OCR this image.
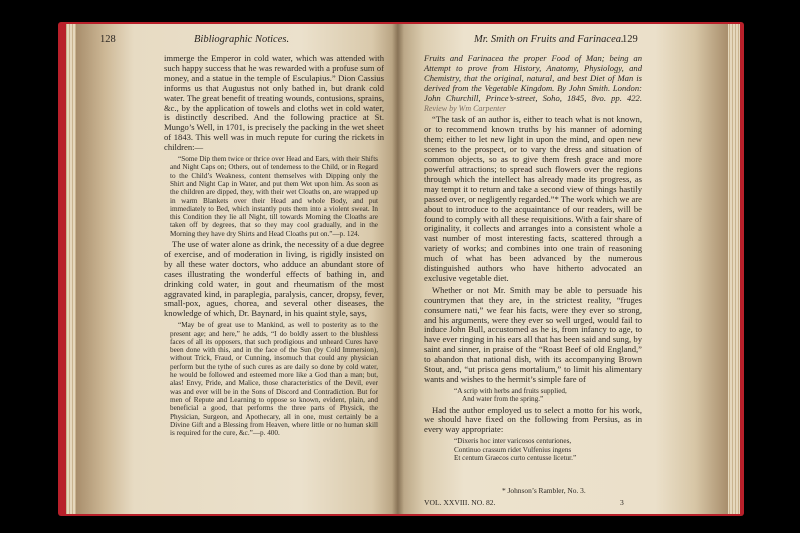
128	Bibliographic Notices.

immerge the Emperor in cold water, which was attended with such happy success that he was rewarded with a profuse sum of money, and a statue in the temple of Esculapius.” Dion Cassius informs us that Augustus not only bathed in, but drank cold water. The great benefit of treating wounds, contusions, sprains, &c., by the application of towels and cloths wet in cold water, is distinctly described. And the following practice at St. Mungo’s Well, in 1701, is precisely the packing in the wet sheet of 1843. This well was in much repute for curing the rickets in children:—

“Some Dip them twice or thrice over Head and Ears, with their Shifts and Night Caps on; Others, out of tenderness to the Child, or in Regard to the Child’s Weakness, content themselves with Dipping only the Shirt and Night Cap in Water, and put them Wet upon him. As soon as the children are dipped, they, with their wet Cloaths on, are wrapped up in warm Blankets over their Head and whole Body, and put immediately to Bed, which instantly puts them into a violent sweat. In this Condition they lie all Night, till towards Morning the Cloaths are taken off by degrees, that so they may cool gradually, and in the Morning they have dry Shirts and Head Cloaths put on.”—p. 124.

The use of water alone as drink, the necessity of a due degree of exercise, and of moderation in living, is rigidly insisted on by all these water doctors, who adduce an abundant store of cases illustrating the wonderful effects of bathing in, and drinking cold water, in gout and rheumatism of the most aggravated kind, in paraplegia, paralysis, cancer, dropsy, fever, small-pox, agues, chorea, and several other diseases, the knowledge of which, Dr. Baynard, in his quaint style, says,

“May be of great use to Mankind, as well to posterity as to the present age; and here,” he adds, “I do boldly assert to the blushless faces of all its opposers, that such prodigious and unheard Cures have been done with this, and in the face of the Sun (by Cold Immersion), without Trick, Fraud, or Cunning, insomuch that could any physician perform but the tythe of such cures as are daily so done by cold water, he would be followed and esteemed more like a God than a man; but, alas! Envy, Pride, and Malice, those characteristics of the Devil, ever was and ever will be in the Sons of Discord and Contradiction. But for men of Repute and Learning to oppose so known, evident, plain, and beneficial a good, that performs the three parts of Physick, the Physician, Surgeon, and Apothecary, all in one, must certainly be a Divine Gift and a Blessing from Heaven, where little or no human skill is required for the cure, &c.”—p. 400.

Mr. Smith on Fruits and Farinacea.
129

Fruits and Farinacea the proper Food of Man; being an Attempt to prove from History, Anatomy, Physiology, and Chemistry, that the original, natural, and best Diet of Man is derived from the Vegetable Kingdom. By John Smith. London: John Churchill, Prince’s-street, Soho, 1845, 8vo. pp. 422. Review by Wm Carpenter

“The task of an author is, either to teach what is not known, or to recommend known truths by his manner of adorning them; either to let new light in upon the mind, and open new scenes to the prospect, or to vary the dress and situation of common objects, so as to give them fresh grace and more powerful attractions; to spread such flowers over the regions through which the intellect has already made its progress, as may tempt it to return and take a second view of things hastily passed over, or negligently regarded.”* The work which we are about to introduce to the acquaintance of our readers, will be found to comply with all these requisitions. With a fair share of originality, it collects and arranges into a consistent whole a vast number of most interesting facts, scattered through a variety of works; and combines into one train of reasoning much of what has been advanced by the numerous distinguished authors who have hitherto advocated an exclusive vegetable diet.

Whether or not Mr. Smith may be able to persuade his countrymen that they are, in the strictest reality, “fruges consumere nati,” we fear his facts, were they ever so strong, and his arguments, were they ever so well urged, would fail to induce John Bull, accustomed as he is, from infancy to age, to have ever ringing in his ears all that has been said and sung, by saint and sinner, in praise of the “Roast Beef of old England,” to abandon that national dish, with its accompanying Brown Stout, and, “ut prisca gens mortalium,” to limit his alimentary wants and wishes to the hermit’s simple fare of

“A scrip with herbs and fruits supplied,
And water from the spring.”

Had the author employed us to select a motto for his work, we should have fixed on the following from Persius, as in every way appropriate:

“Dixeris hoc inter varicosos centuriones,
Continuo crassum ridet Vulfenius ingens
Et centum Graecos curto centusse licetur.”
* Johnson’s Rambler, No. 3.
VOL. XXVIII. NO. 82.	3
